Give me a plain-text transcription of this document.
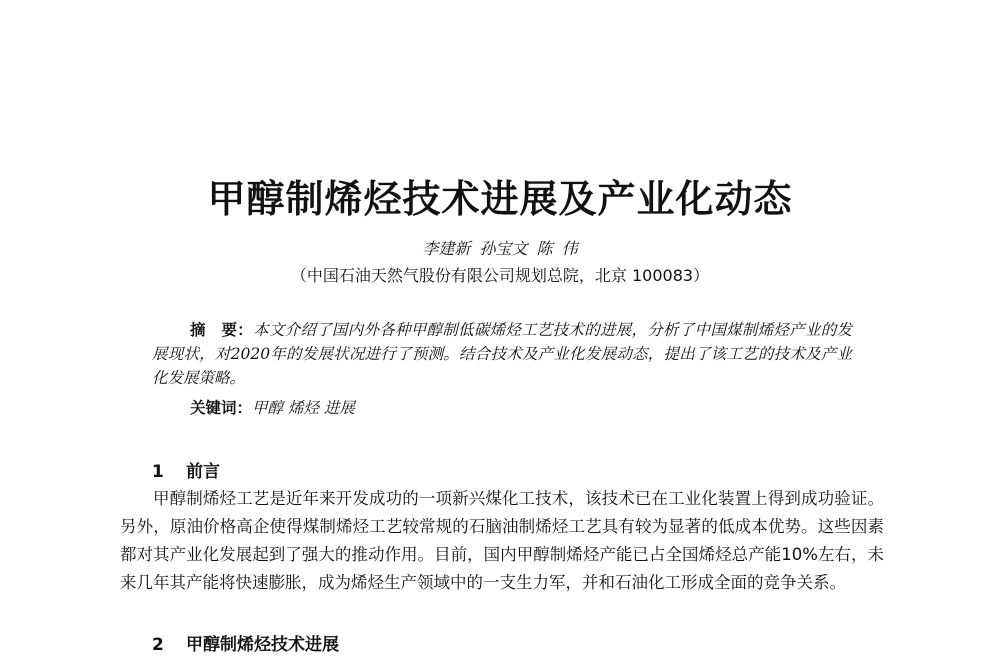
甲醇制烯烃技术进展及产业化动态
李建新 孙宝文 陈 伟
（中国石油天然气股份有限公司规划总院，北京 100083）

摘　要：本文介绍了国内外各种甲醇制低碳烯烃工艺技术的进展，分析了中国煤制烯烃产业的发展现状，对2020年的发展状况进行了预测。结合技术及产业化发展动态，提出了该工艺的技术及产业化发展策略。

关键词：甲醇 烯烃 进展
1 前言

甲醇制烯烃工艺是近年来开发成功的一项新兴煤化工技术，该技术已在工业化装置上得到成功验证。另外，原油价格高企使得煤制烯烃工艺较常规的石脑油制烯烃工艺具有较为显著的低成本优势。这些因素都对其产业化发展起到了强大的推动作用。目前，国内甲醇制烯烃产能已占全国烯烃总产能10%左右，未来几年其产能将快速膨胀，成为烯烃生产领域中的一支生力军，并和石油化工形成全面的竞争关系。

2 甲醇制烯烃技术进展
